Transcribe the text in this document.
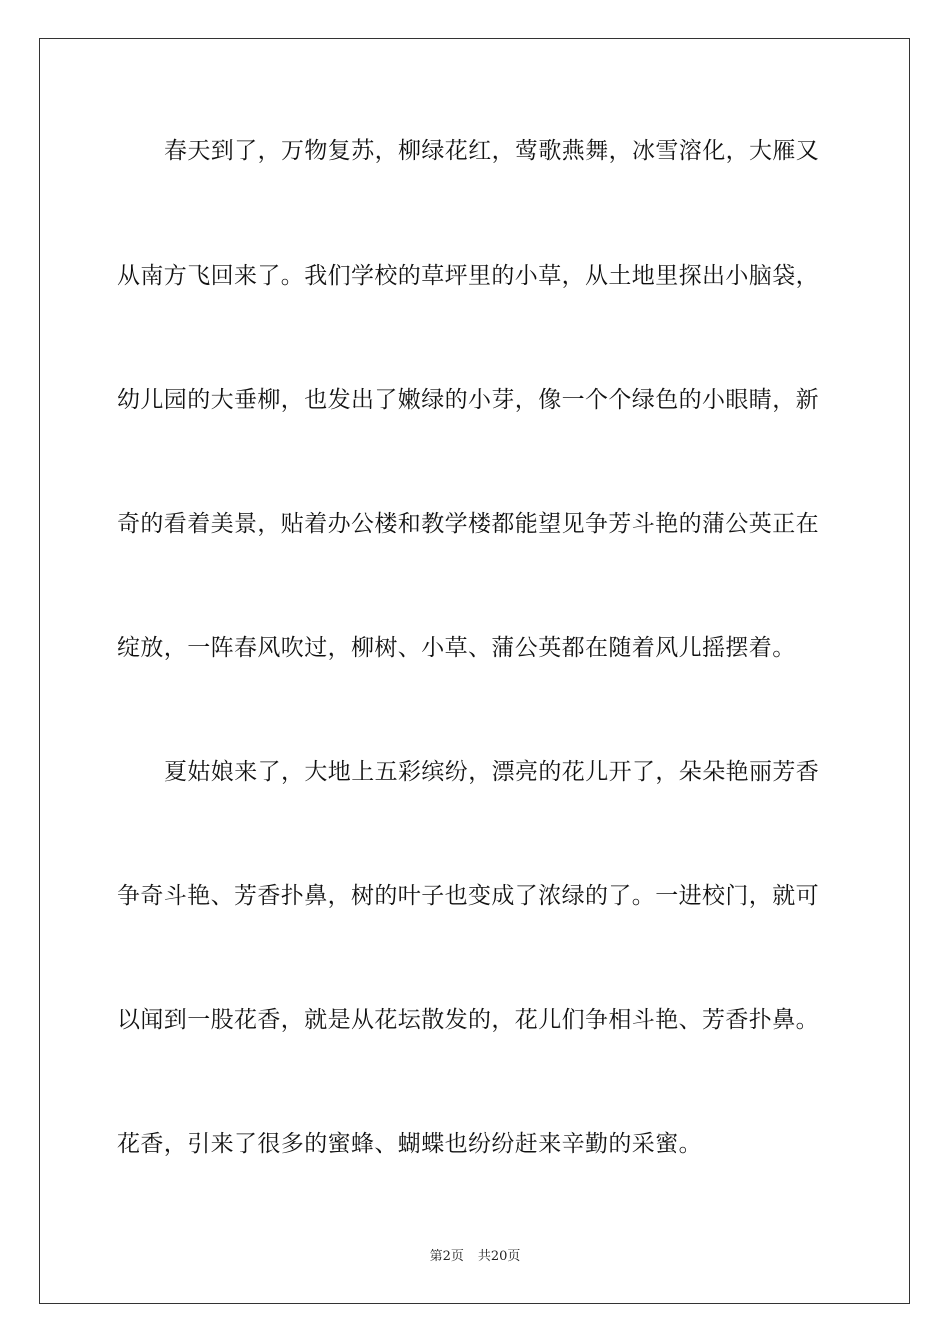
春天到了，万物复苏，柳绿花红，莺歌燕舞，冰雪溶化，大雁又
从南方飞回来了。我们学校的草坪里的小草，从土地里探出小脑袋，
幼儿园的大垂柳，也发出了嫩绿的小芽，像一个个绿色的小眼睛，新
奇的看着美景，贴着办公楼和教学楼都能望见争芳斗艳的蒲公英正在
绽放，一阵春风吹过，柳树、小草、蒲公英都在随着风儿摇摆着。
夏姑娘来了，大地上五彩缤纷，漂亮的花儿开了，朵朵艳丽芳香
争奇斗艳、芳香扑鼻，树的叶子也变成了浓绿的了。一进校门，就可
以闻到一股花香，就是从花坛散发的，花儿们争相斗艳、芳香扑鼻。
花香，引来了很多的蜜蜂、蝴蝶也纷纷赶来辛勤的采蜜。
第2页 共20页
